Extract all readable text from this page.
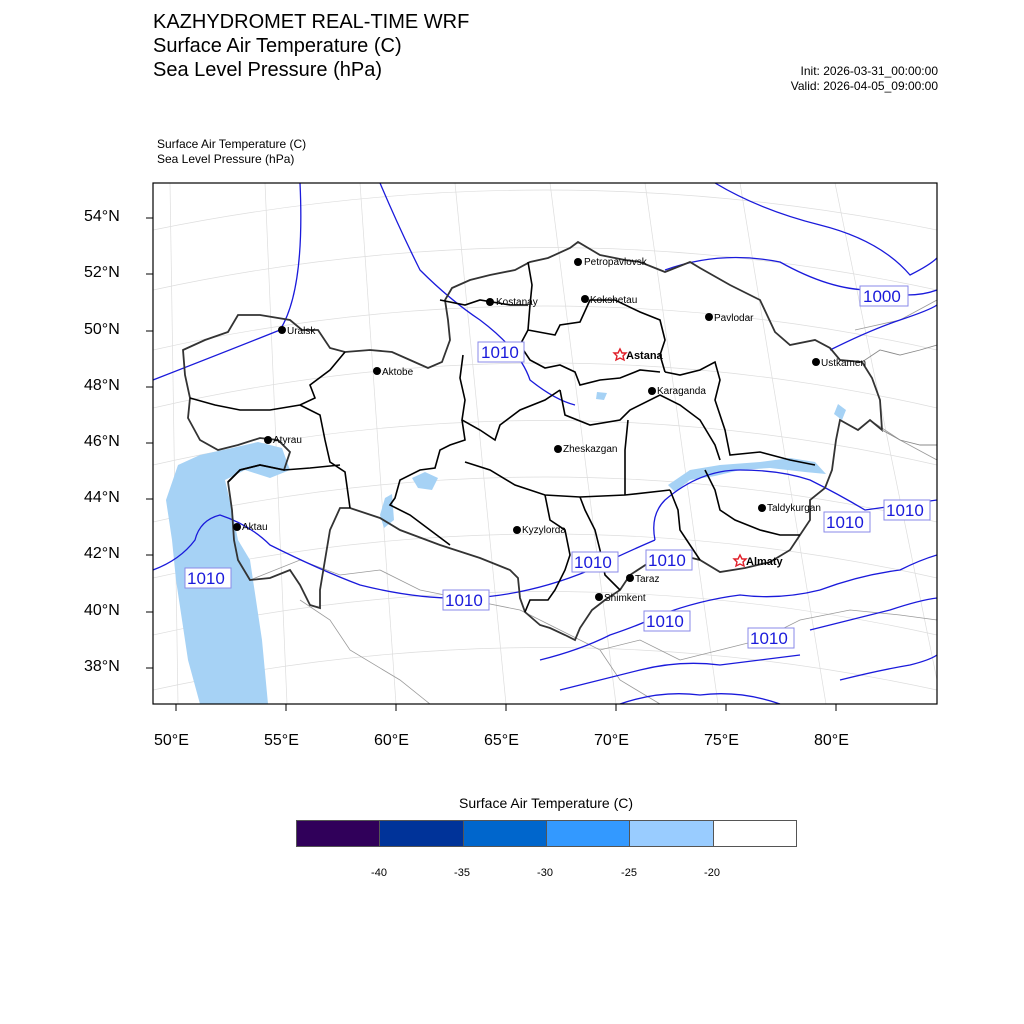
KAZHYDROMET REAL-TIME WRF
Surface Air Temperature (C)
Sea Level Pressure (hPa)	Init: 2026-03-31_00:00:00
Valid: 2026-04-05_09:00:00
Surface Air Temperature (C)
Sea Level Pressure (hPa)
1010
1000
1010
1010
1010 1010
1010
1010
1010
1010
Petropavlovsk
Kostanay	Kokshetau
Pavlodar
Uralsk
Astana
Ustkamen
Aktobe
Karaganda
Atyrau
Zheskazgan
Aktau	Kyzylorda
Taldykurgan
Almaty
Taraz
Shimkent
54°N
52°N
50°N
48°N
46°N
44°N
42°N
40°N
38°N
50°E	55°E	60°E	65°E	70°E	75°E	80°E
Surface Air Temperature (C)
-40	-35	-30	-25	-20
